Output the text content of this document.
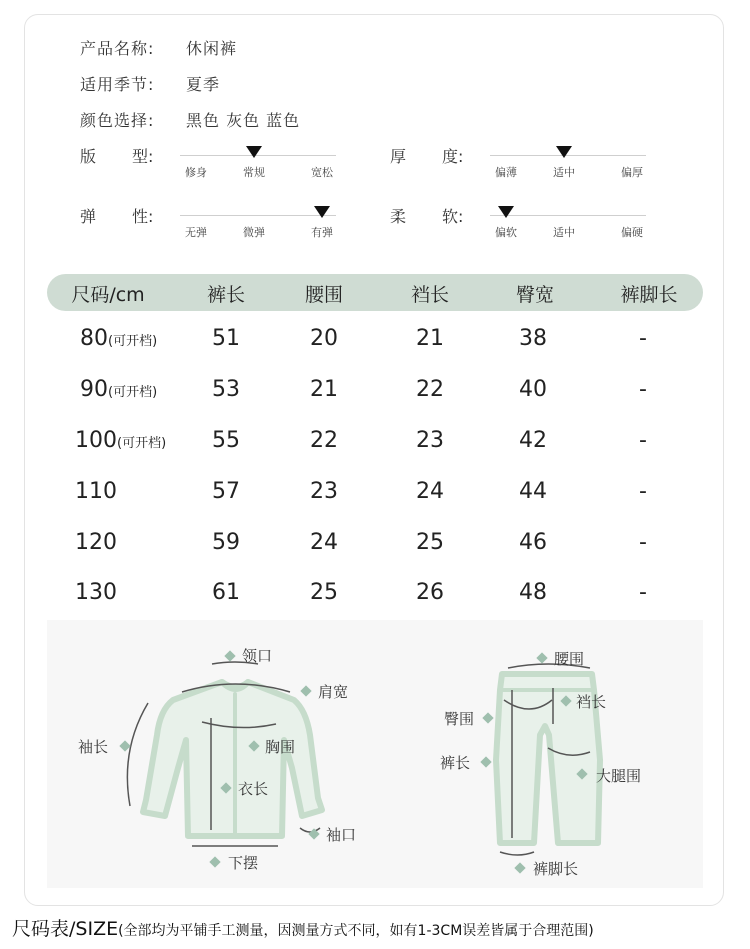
产品名称: 休闲裤
适用季节: 夏季
颜色选择: 黑色 灰色 蓝色
版 型:
修身	常规	宽松
厚 度:
偏薄	适中	偏厚
弹 性:
无弹	微弹	有弹
柔 软:
偏软	适中	偏硬
尺码/cm	裤长	腰围	裆长	臀宽	裤脚长
80(可开档)	51	20	21	38	-
90(可开档)	53	21	22	40	-
100(可开档)	55	22	23	42	-
110	57	23	24	44	-
120	59	24	25	46	-
130	61	25	26	48	-
领口
肩宽
袖长	胸围
衣长
袖口
下摆
腰围
裆长
臀围
裤长
大腿围
裤脚长
尺码表/SIZE(全部均为平铺手工测量，因测量方式不同，如有1-3CM误差皆属于合理范围)
